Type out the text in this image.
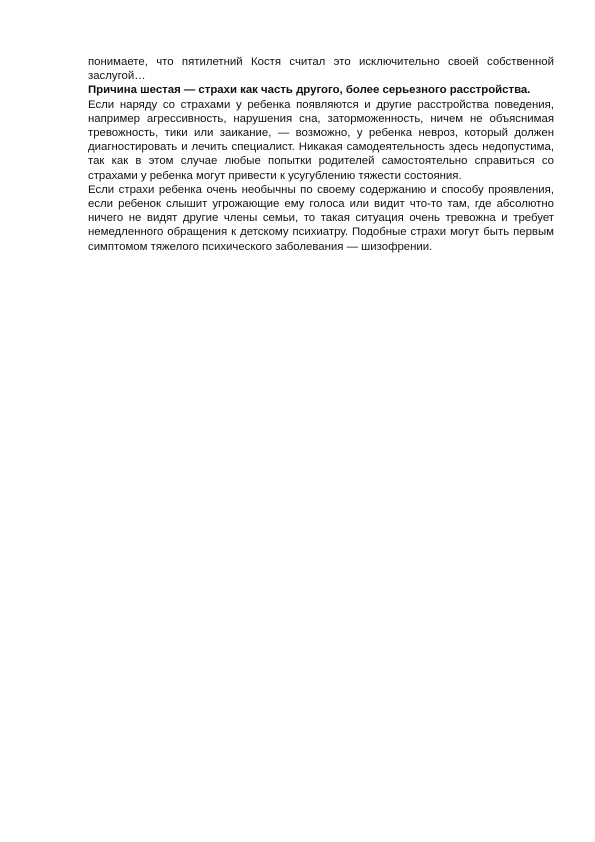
понимаете, что пятилетний Костя считал это исключительно своей собственной заслугой…

Причина шестая — страхи как часть другого, более серьезного расстройства.

Если наряду со страхами у ребенка появляются и другие расстройства поведения, например агрессивность, нарушения сна, заторможенность, ничем не объяснимая тревожность, тики или заикание, — возможно, у ребенка невроз, который должен диагностировать и лечить специалист. Никакая самодеятельность здесь недопустима, так как в этом случае любые попытки родителей самостоятельно справиться со страхами у ребенка могут привести к усугублению тяжести состояния.

Если страхи ребенка очень необычны по своему содержанию и способу проявления, если ребенок слышит угрожающие ему голоса или видит что-то там, где абсолютно ничего не видят другие члены семьи, то такая ситуация очень тревожна и требует немедленного обращения к детскому психиатру. Подобные страхи могут быть первым симптомом тяжелого психического заболевания — шизофрении.
